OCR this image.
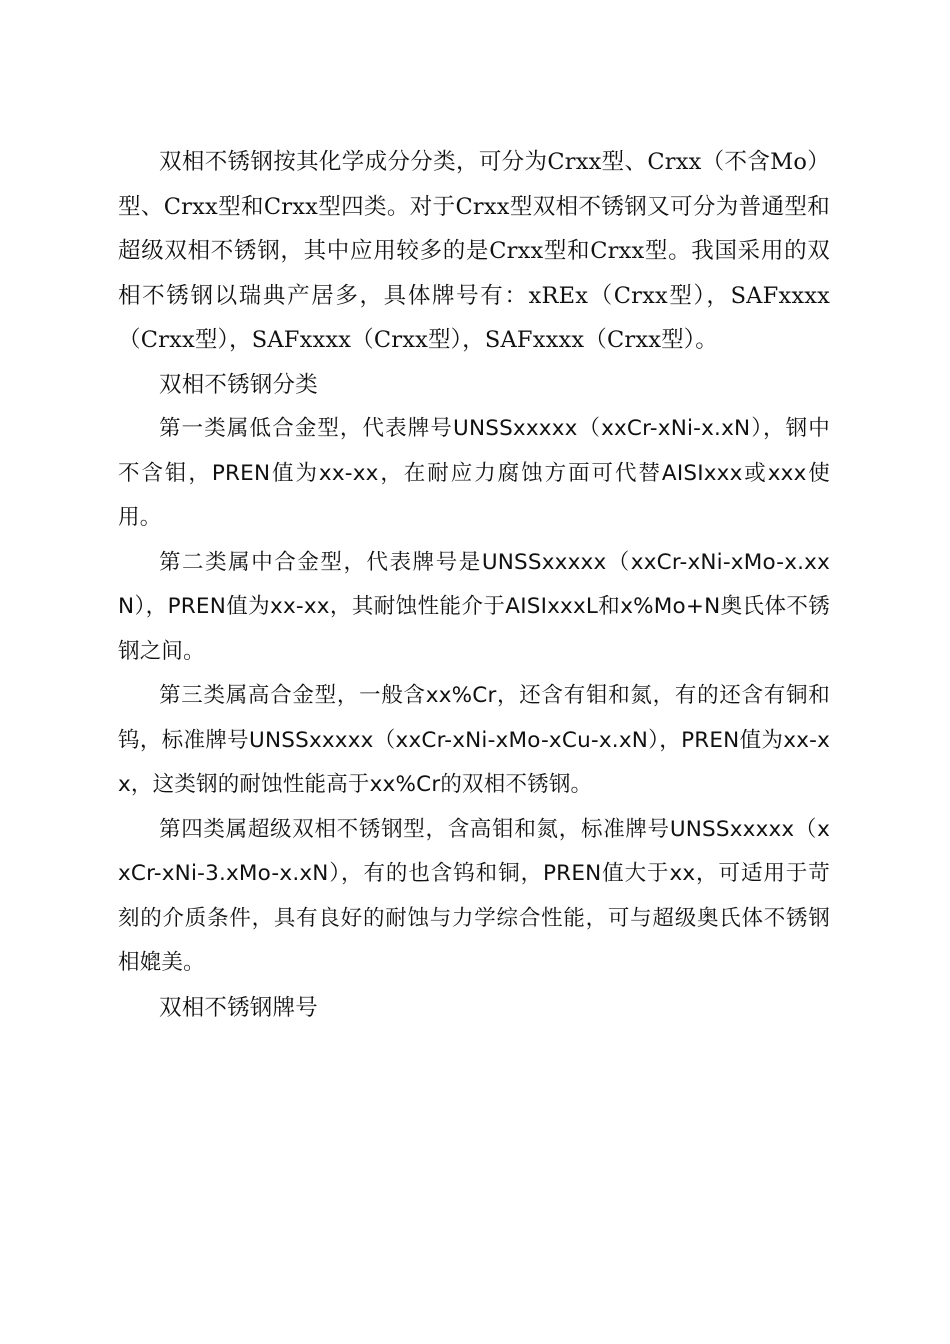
双相不锈钢按其化学成分分类，可分为Crxx型、Crxx（不含Mo）型、Crxx型和Crxx型四类。对于Crxx型双相不锈钢又可分为普通型和超级双相不锈钢，其中应用较多的是Crxx型和Crxx型。我国采用的双相不锈钢以瑞典产居多，具体牌号有：xREx（Crxx型），SAFxxxx（Crxx型），SAFxxxx（Crxx型），SAFxxxx（Crxx型）。

双相不锈钢分类

第一类属低合金型，代表牌号UNSSxxxxx（xxCr-xNi-x.xN），钢中不含钼，PREN值为xx-xx，在耐应力腐蚀方面可代替AISIxxx或xxx使用。

第二类属中合金型，代表牌号是UNSSxxxxx（xxCr-xNi-xMo-x.xxN），PREN值为xx-xx，其耐蚀性能介于AISIxxxL和x%Mo+N奥氏体不锈钢之间。

第三类属高合金型，一般含xx%Cr，还含有钼和氮，有的还含有铜和钨，标准牌号UNSSxxxxx（xxCr-xNi-xMo-xCu-x.xN），PREN值为xx-xx，这类钢的耐蚀性能高于xx%Cr的双相不锈钢。

第四类属超级双相不锈钢型，含高钼和氮，标准牌号UNSSxxxxx（xxCr-xNi-3.xMo-x.xN），有的也含钨和铜，PREN值大于xx，可适用于苛刻的介质条件，具有良好的耐蚀与力学综合性能，可与超级奥氏体不锈钢相媲美。

双相不锈钢牌号
